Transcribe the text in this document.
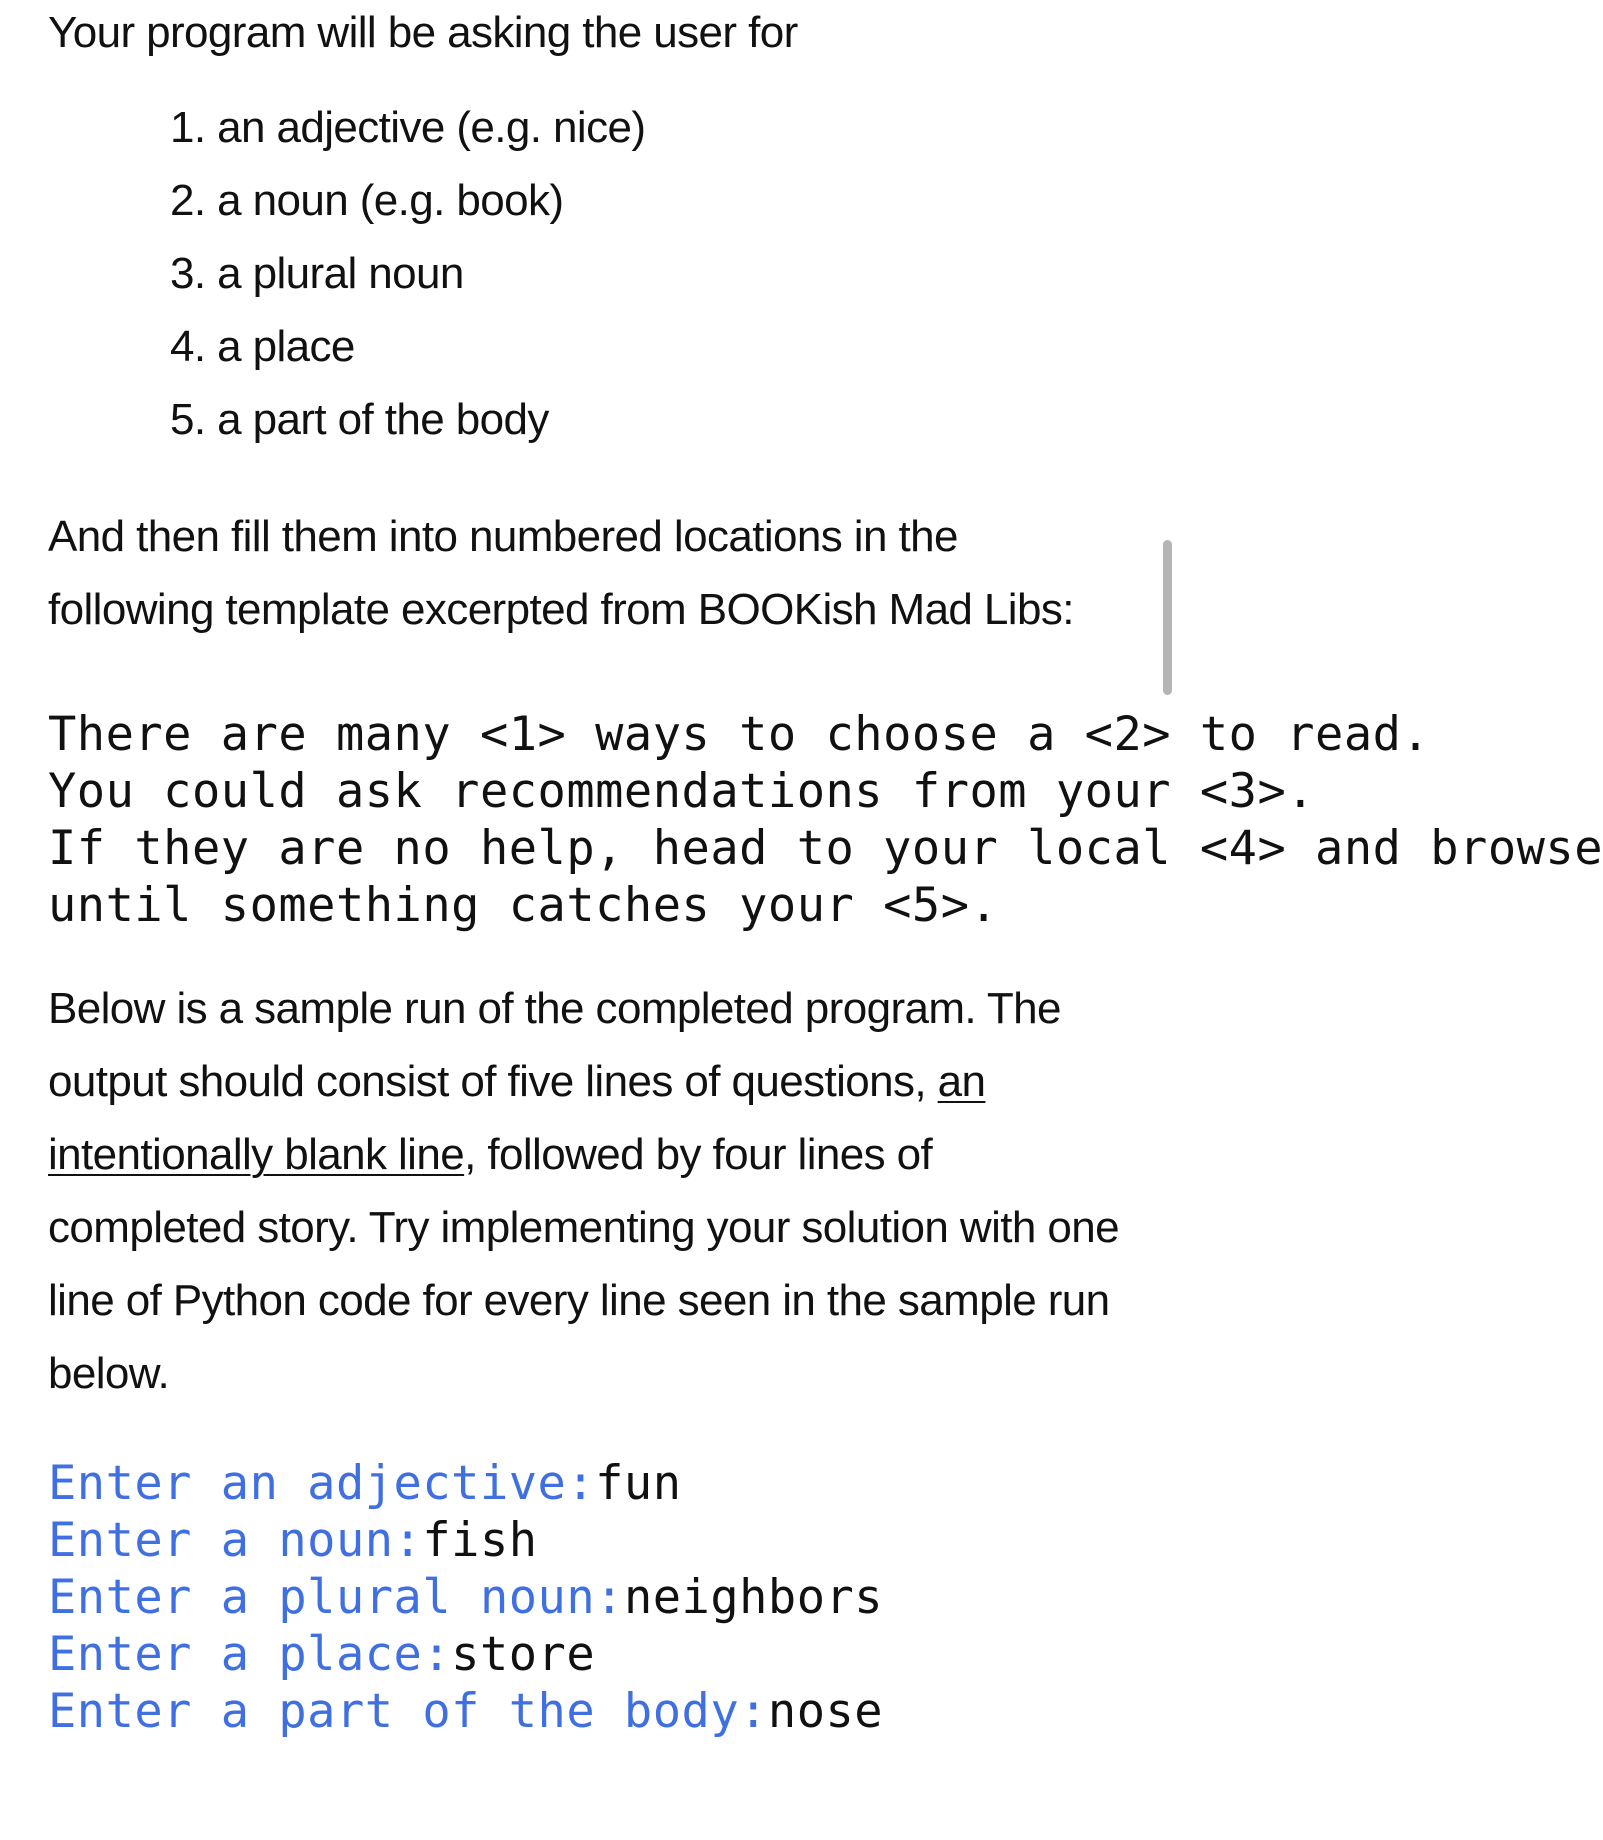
Your program will be asking the user for

1. an adjective (e.g. nice)
2. a noun (e.g. book)
3. a plural noun
4. a place
5. a part of the body

And then fill them into numbered locations in the following template excerpted from BOOKish Mad Libs:

There are many <1> ways to choose a <2> to read.
You could ask recommendations from your <3>.
If they are no help, head to your local <4> and browse
until something catches your <5>.

Below is a sample run of the completed program. The output should consist of five lines of questions, an intentionally blank line, followed by four lines of completed story. Try implementing your solution with one line of Python code for every line seen in the sample run below.

Enter an adjective:fun
Enter a noun:fish
Enter a plural noun:neighbors
Enter a place:store
Enter a part of the body:nose
